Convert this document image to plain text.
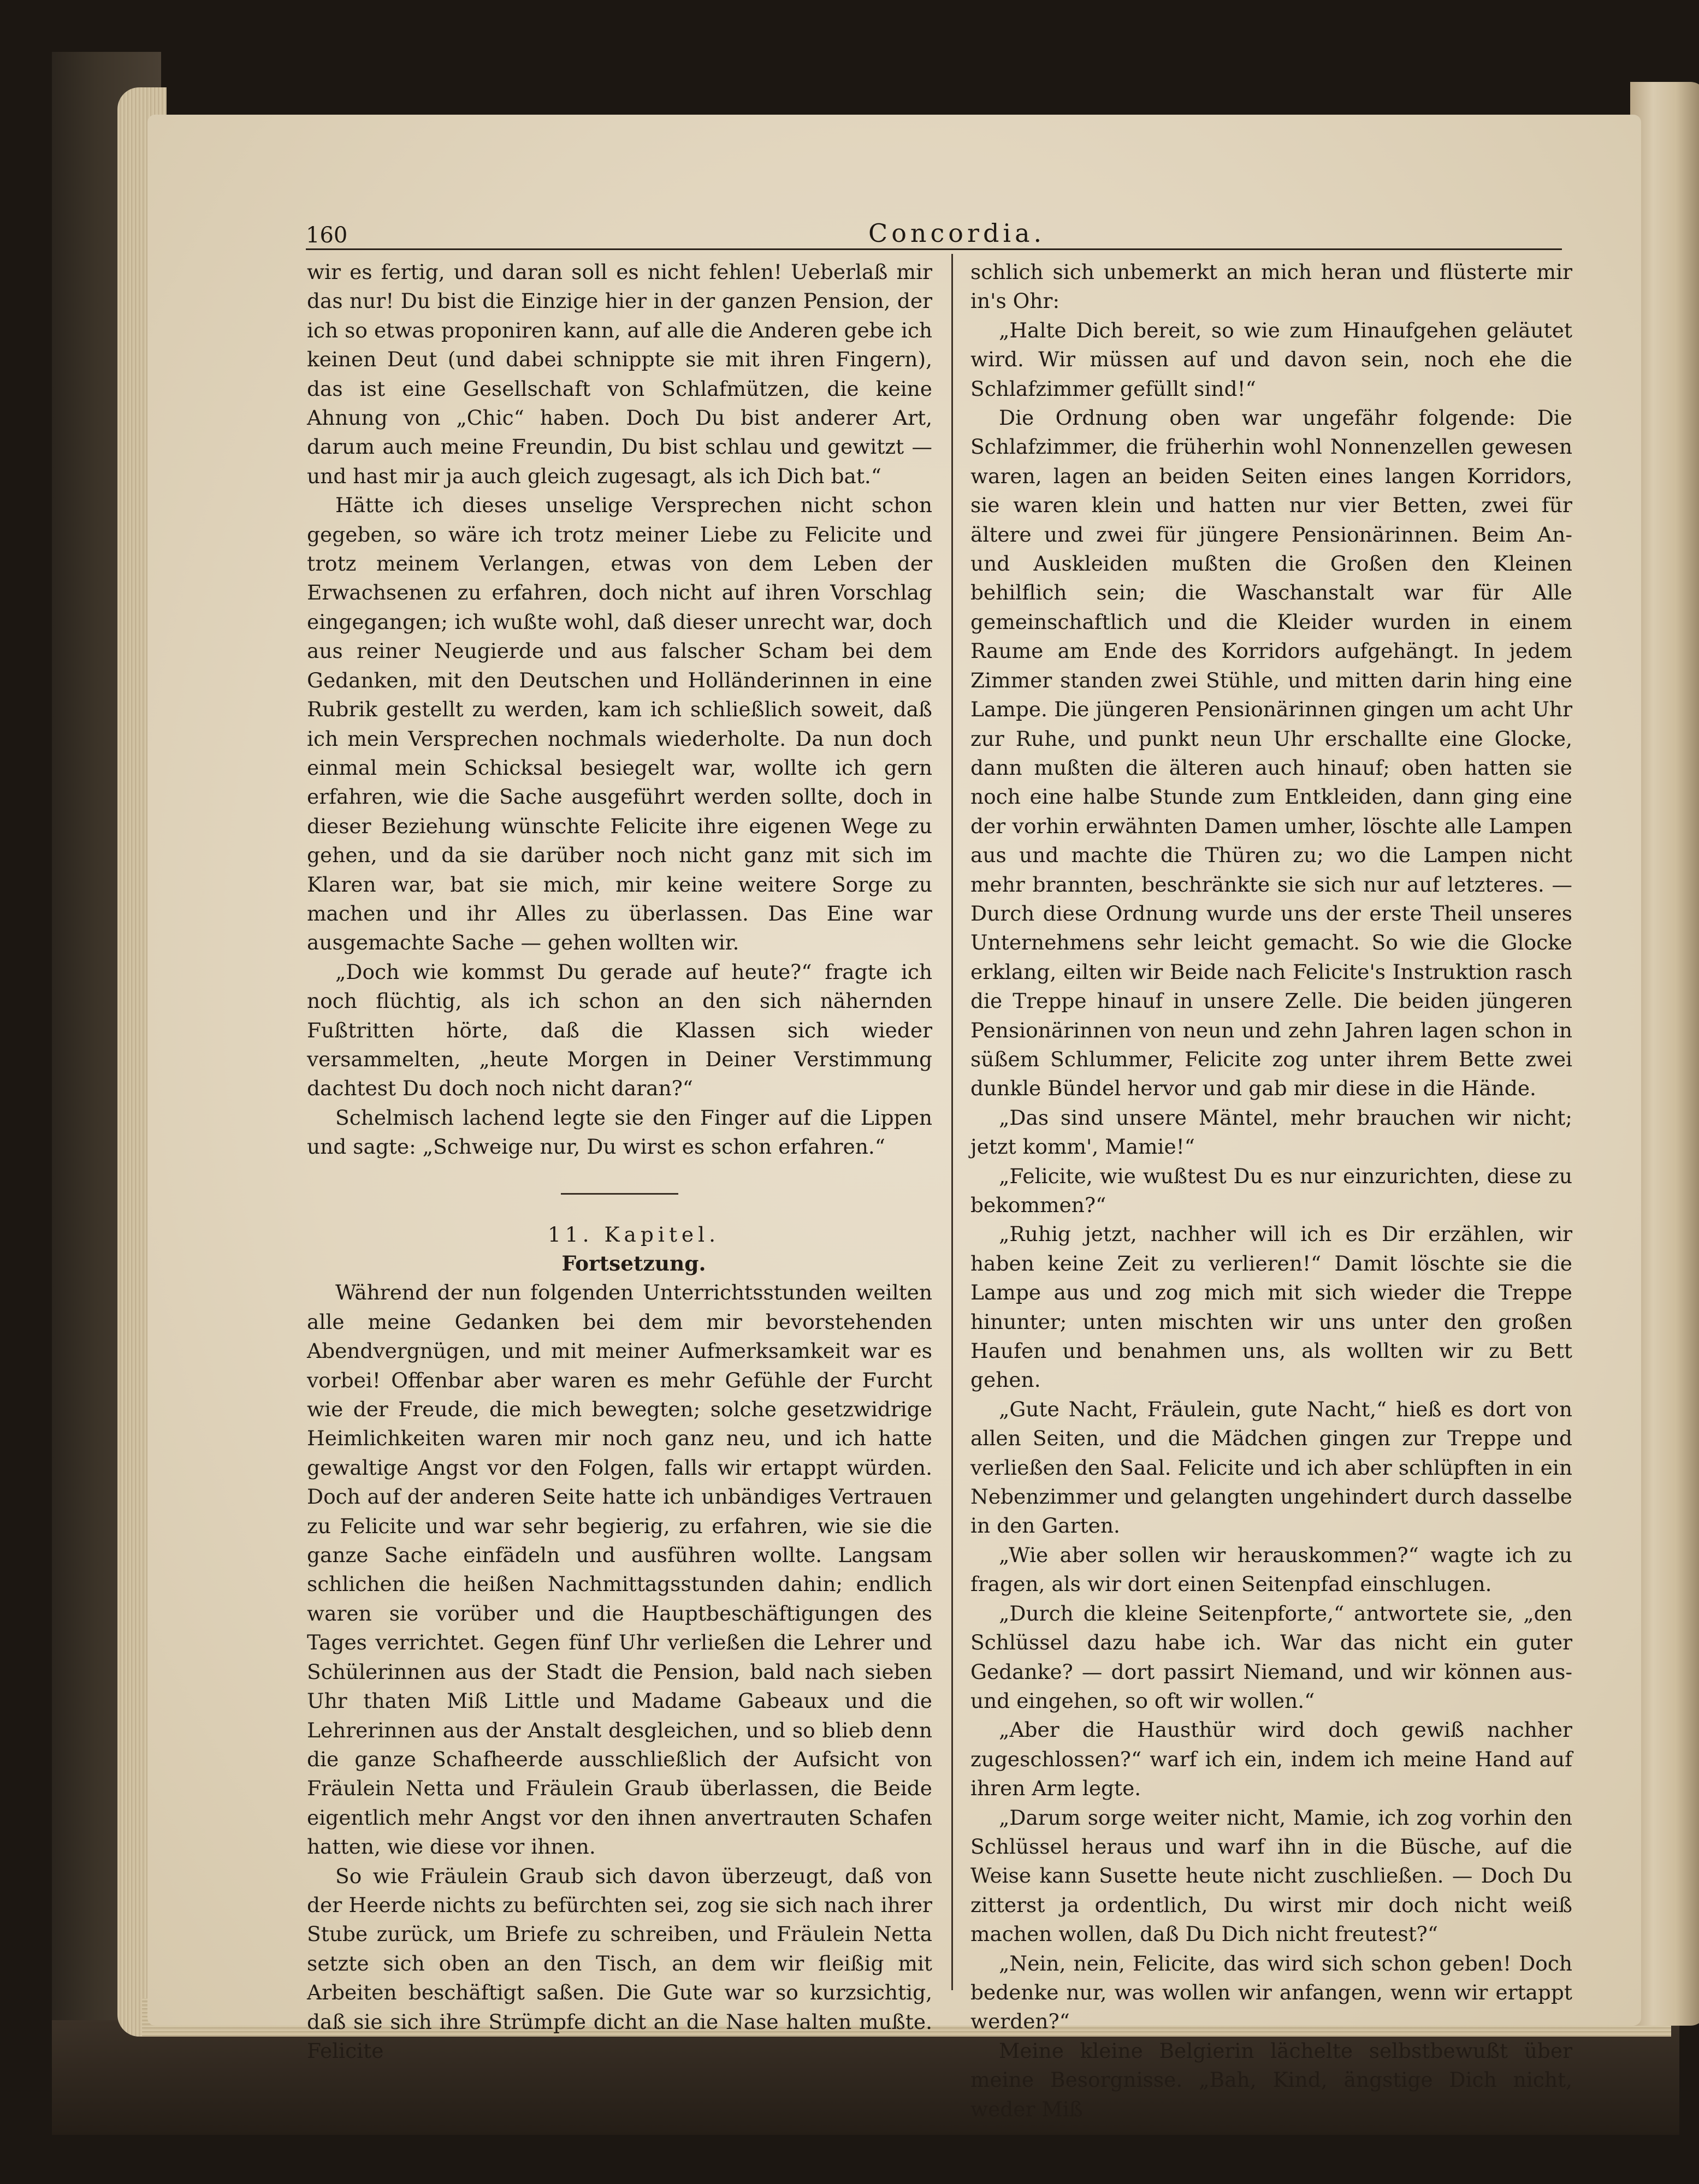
160	Concordia.

wir es fertig, und daran soll es nicht fehlen! Ueberlaß mir das nur! Du bist die Einzige hier in der ganzen Pension, der ich so etwas proponiren kann, auf alle die Anderen gebe ich keinen Deut (und dabei schnippte sie mit ihren Fingern), das ist eine Gesellschaft von Schlafmützen, die keine Ahnung von „Chic“ haben. Doch Du bist anderer Art, darum auch meine Freundin, Du bist schlau und gewitzt — und hast mir ja auch gleich zugesagt, als ich Dich bat.“

Hätte ich dieses unselige Versprechen nicht schon gegeben, so wäre ich trotz meiner Liebe zu Felicite und trotz meinem Verlangen, etwas von dem Leben der Erwachsenen zu erfahren, doch nicht auf ihren Vorschlag eingegangen; ich wußte wohl, daß dieser unrecht war, doch aus reiner Neugierde und aus falscher Scham bei dem Gedanken, mit den Deutschen und Holländerinnen in eine Rubrik gestellt zu werden, kam ich schließlich soweit, daß ich mein Versprechen nochmals wiederholte. Da nun doch einmal mein Schicksal besiegelt war, wollte ich gern erfahren, wie die Sache ausgeführt werden sollte, doch in dieser Beziehung wünschte Felicite ihre eigenen Wege zu gehen, und da sie darüber noch nicht ganz mit sich im Klaren war, bat sie mich, mir keine weitere Sorge zu machen und ihr Alles zu überlassen. Das Eine war ausgemachte Sache — gehen wollten wir.

„Doch wie kommst Du gerade auf heute?“ fragte ich noch flüchtig, als ich schon an den sich nähernden Fußtritten hörte, daß die Klassen sich wieder versammelten, „heute Morgen in Deiner Verstimmung dachtest Du doch noch nicht daran?“

Schelmisch lachend legte sie den Finger auf die Lippen und sagte: „Schweige nur, Du wirst es schon erfahren.“

11. Kapitel.

Fortsetzung.

Während der nun folgenden Unterrichtsstunden weilten alle meine Gedanken bei dem mir bevorstehenden Abendvergnügen, und mit meiner Aufmerksamkeit war es vorbei! Offenbar aber waren es mehr Gefühle der Furcht wie der Freude, die mich bewegten; solche gesetzwidrige Heimlichkeiten waren mir noch ganz neu, und ich hatte gewaltige Angst vor den Folgen, falls wir ertappt würden. Doch auf der anderen Seite hatte ich unbändiges Vertrauen zu Felicite und war sehr begierig, zu erfahren, wie sie die ganze Sache einfädeln und ausführen wollte. Langsam schlichen die heißen Nachmittagsstunden dahin; endlich waren sie vorüber und die Hauptbeschäftigungen des Tages verrichtet. Gegen fünf Uhr verließen die Lehrer und Schülerinnen aus der Stadt die Pension, bald nach sieben Uhr thaten Miß Little und Madame Gabeaux und die Lehrerinnen aus der Anstalt desgleichen, und so blieb denn die ganze Schafheerde ausschließlich der Aufsicht von Fräulein Netta und Fräulein Graub überlassen, die Beide eigentlich mehr Angst vor den ihnen anvertrauten Schafen hatten, wie diese vor ihnen.

So wie Fräulein Graub sich davon überzeugt, daß von der Heerde nichts zu befürchten sei, zog sie sich nach ihrer Stube zurück, um Briefe zu schreiben, und Fräulein Netta setzte sich oben an den Tisch, an dem wir fleißig mit Arbeiten beschäftigt saßen. Die Gute war so kurzsichtig, daß sie sich ihre Strümpfe dicht an die Nase halten mußte. Felicite

schlich sich unbemerkt an mich heran und flüsterte mir in's Ohr:

„Halte Dich bereit, so wie zum Hinaufgehen geläutet wird. Wir müssen auf und davon sein, noch ehe die Schlafzimmer gefüllt sind!“

Die Ordnung oben war ungefähr folgende: Die Schlafzimmer, die früherhin wohl Nonnenzellen gewesen waren, lagen an beiden Seiten eines langen Korridors, sie waren klein und hatten nur vier Betten, zwei für ältere und zwei für jüngere Pensionärinnen. Beim An- und Auskleiden mußten die Großen den Kleinen behilflich sein; die Waschanstalt war für Alle gemeinschaftlich und die Kleider wurden in einem Raume am Ende des Korridors aufgehängt. In jedem Zimmer standen zwei Stühle, und mitten darin hing eine Lampe. Die jüngeren Pensionärinnen gingen um acht Uhr zur Ruhe, und punkt neun Uhr erschallte eine Glocke, dann mußten die älteren auch hinauf; oben hatten sie noch eine halbe Stunde zum Entkleiden, dann ging eine der vorhin erwähnten Damen umher, löschte alle Lampen aus und machte die Thüren zu; wo die Lampen nicht mehr brannten, beschränkte sie sich nur auf letzteres. — Durch diese Ordnung wurde uns der erste Theil unseres Unternehmens sehr leicht gemacht. So wie die Glocke erklang, eilten wir Beide nach Felicite's Instruktion rasch die Treppe hinauf in unsere Zelle. Die beiden jüngeren Pensionärinnen von neun und zehn Jahren lagen schon in süßem Schlummer, Felicite zog unter ihrem Bette zwei dunkle Bündel hervor und gab mir diese in die Hände.

„Das sind unsere Mäntel, mehr brauchen wir nicht; jetzt komm', Mamie!“

„Felicite, wie wußtest Du es nur einzurichten, diese zu bekommen?“

„Ruhig jetzt, nachher will ich es Dir erzählen, wir haben keine Zeit zu verlieren!“ Damit löschte sie die Lampe aus und zog mich mit sich wieder die Treppe hinunter; unten mischten wir uns unter den großen Haufen und benahmen uns, als wollten wir zu Bett gehen.

„Gute Nacht, Fräulein, gute Nacht,“ hieß es dort von allen Seiten, und die Mädchen gingen zur Treppe und verließen den Saal. Felicite und ich aber schlüpften in ein Nebenzimmer und gelangten ungehindert durch dasselbe in den Garten.

„Wie aber sollen wir herauskommen?“ wagte ich zu fragen, als wir dort einen Seitenpfad einschlugen.

„Durch die kleine Seitenpforte,“ antwortete sie, „den Schlüssel dazu habe ich. War das nicht ein guter Gedanke? — dort passirt Niemand, und wir können aus- und eingehen, so oft wir wollen.“

„Aber die Hausthür wird doch gewiß nachher zugeschlossen?“ warf ich ein, indem ich meine Hand auf ihren Arm legte.

„Darum sorge weiter nicht, Mamie, ich zog vorhin den Schlüssel heraus und warf ihn in die Büsche, auf die Weise kann Susette heute nicht zuschließen. — Doch Du zitterst ja ordentlich, Du wirst mir doch nicht weiß machen wollen, daß Du Dich nicht freutest?“

„Nein, nein, Felicite, das wird sich schon geben! Doch bedenke nur, was wollen wir anfangen, wenn wir ertappt werden?“

Meine kleine Belgierin lächelte selbstbewußt über meine Besorgnisse. „Bah, Kind, ängstige Dich nicht, weder Miß
